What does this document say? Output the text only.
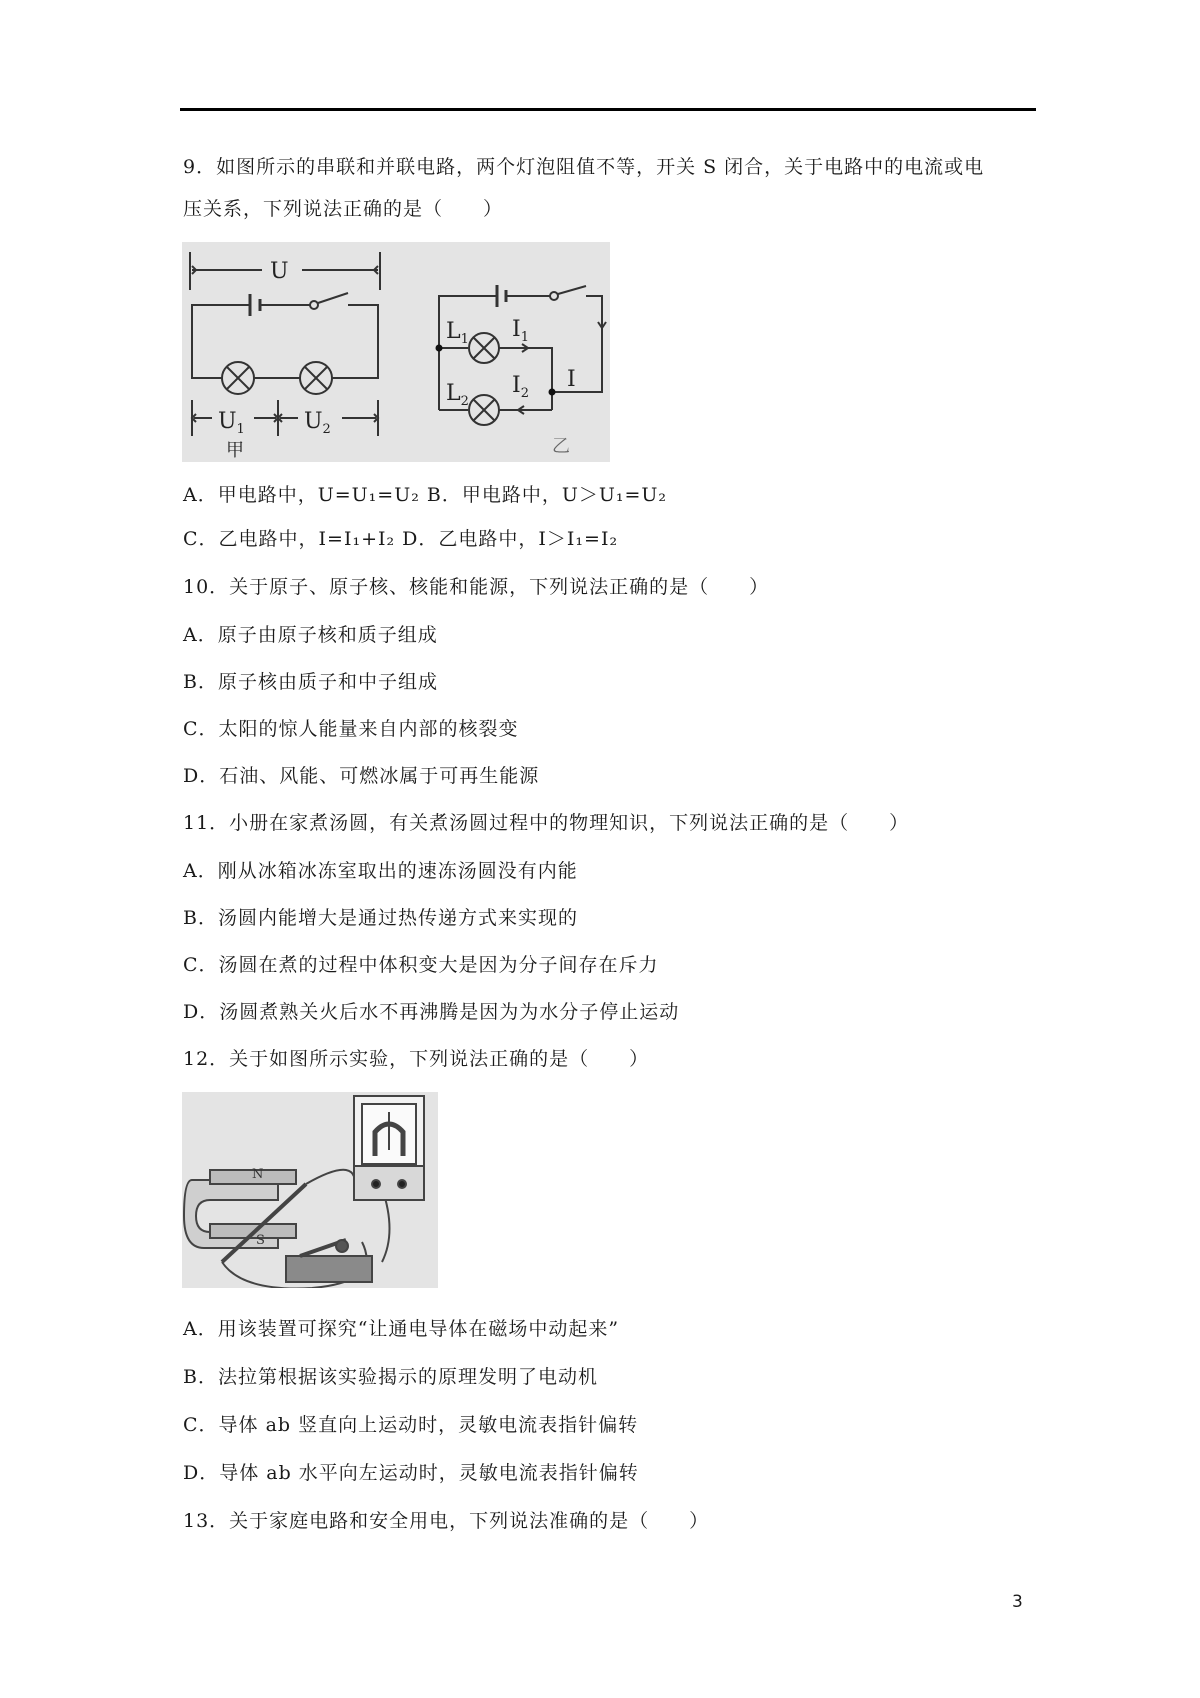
9．如图所示的串联和并联电路，两个灯泡阻值不等，开关 S 闭合，关于电路中的电流或电
压关系，下列说法正确的是（　　）
U
$U_1$	$U_2$
甲
$L_1$
$L_2$
$I_1$
$I_2$
I
乙
A．甲电路中，U=U₁=U₂ B．甲电路中，U＞U₁=U₂
C．乙电路中，I=I₁+I₂ D．乙电路中，I＞I₁=I₂
10．关于原子、原子核、核能和能源，下列说法正确的是（　　）
A．原子由原子核和质子组成
B．原子核由质子和中子组成
C．太阳的惊人能量来自内部的核裂变
D．石油、风能、可燃冰属于可再生能源
11．小册在家煮汤圆，有关煮汤圆过程中的物理知识，下列说法正确的是（　　）
A．刚从冰箱冰冻室取出的速冻汤圆没有内能
B．汤圆内能增大是通过热传递方式来实现的
C．汤圆在煮的过程中体积变大是因为分子间存在斥力
D．汤圆煮熟关火后水不再沸腾是因为为水分子停止运动
12．关于如图所示实验，下列说法正确的是（　　）
N
S
A．用该装置可探究“让通电导体在磁场中动起来”
B．法拉第根据该实验揭示的原理发明了电动机
C．导体 ab 竖直向上运动时，灵敏电流表指针偏转
D．导体 ab 水平向左运动时，灵敏电流表指针偏转
13．关于家庭电路和安全用电，下列说法准确的是（　　）
3
